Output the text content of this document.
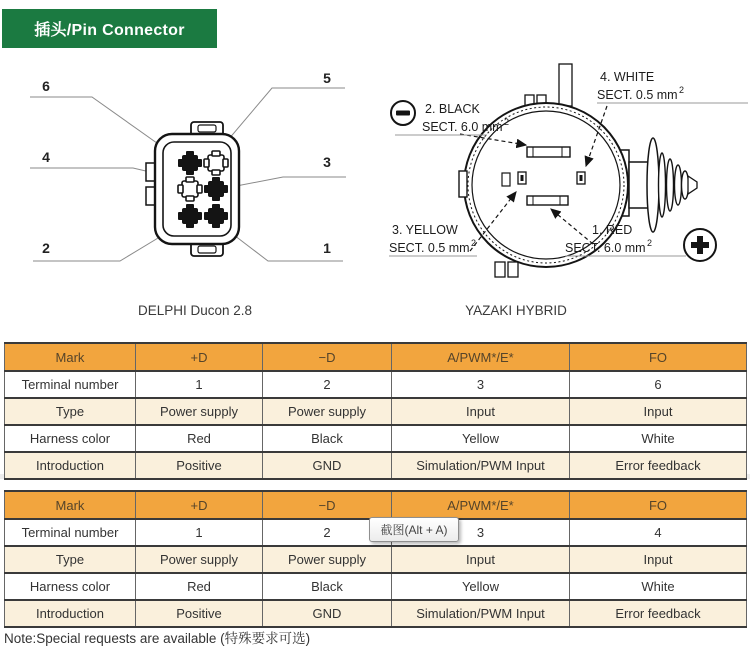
插头/Pin Connector
6	5
4	3
2	1
4. WHITE
SECT. 0.5 mm 2
2. BLACK
SECT. 6.0 mm 2
3. YELLOW
SECT. 0.5 mm 2
1. RED
SECT. 6.0 mm 2
DELPHI Ducon 2.8	YAZAKI HYBRID
Mark	+D	−D	A/PWM*/E*	FO
Terminal number	1	2	3	6
Type	Power supply	Power supply	Input	Input
Harness color	Red	Black	Yellow	White
Introduction	Positive	GND	Simulation/PWM Input	Error feedback
Mark	+D	−D	A/PWM*/E*	FO
Terminal number	1	2	3	4
Type	Power supply	Power supply	Input	Input
Harness color	Red	Black	Yellow	White
Introduction	Positive	GND	Simulation/PWM Input	Error feedback
截图(Alt + A)
Note:Special requests are available (特殊要求可选)
